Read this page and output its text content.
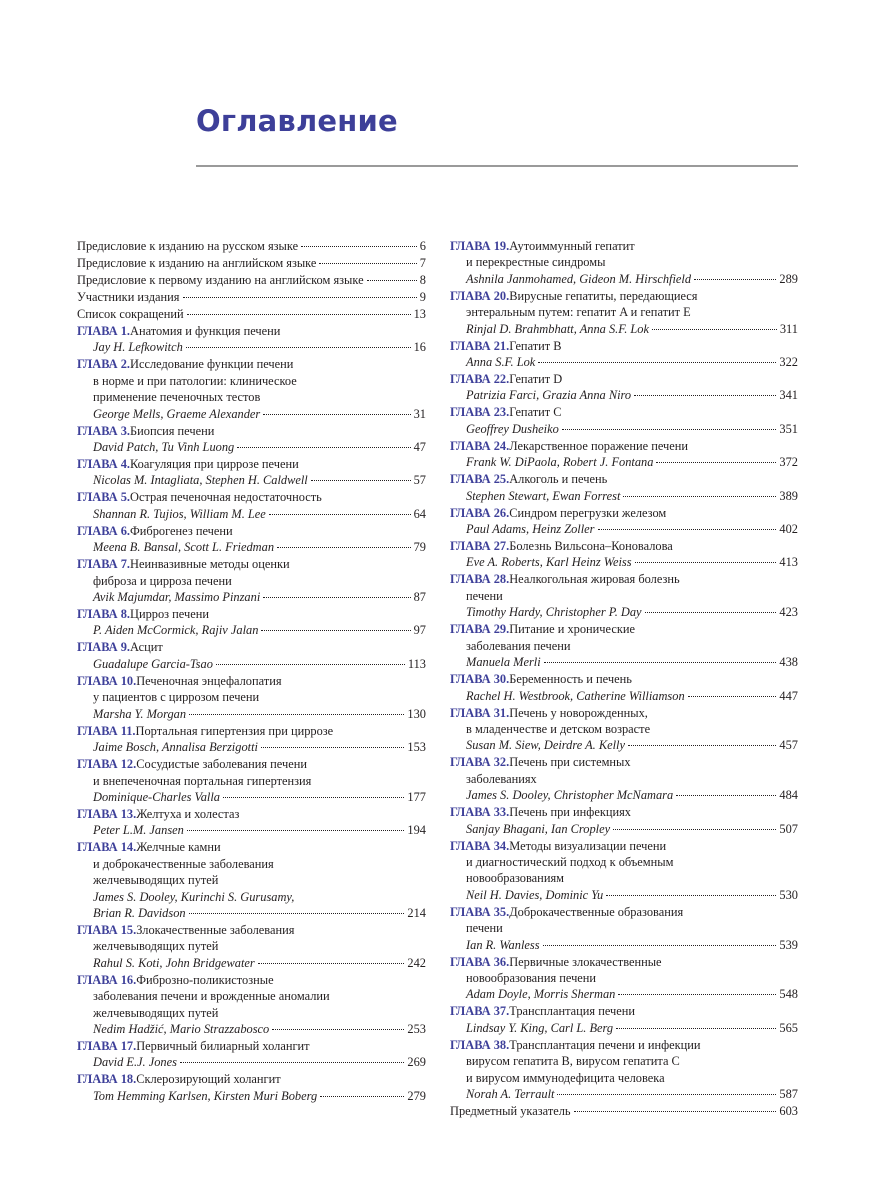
Оглавление
Предисловие к изданию на русском языке	6
Предисловие к изданию на английском языке	7
Предисловие к первому изданию на английском языке	8
Участники издания	9
Список сокращений	13
ГЛАВА 1. Анатомия и функция печени
Jay H. Lefkowitch	16
ГЛАВА 2. Исследование функции печени
в норме и при патологии: клиническое
применение печеночных тестов
George Mells, Graeme Alexander	31
ГЛАВА 3. Биопсия печени
David Patch, Tu Vinh Luong	47
ГЛАВА 4. Коагуляция при циррозе печени
Nicolas M. Intagliata, Stephen H. Caldwell	57
ГЛАВА 5. Острая печеночная недостаточность
Shannan R. Tujios, William M. Lee	64
ГЛАВА 6. Фиброгенез печени
Meena B. Bansal, Scott L. Friedman	79
ГЛАВА 7. Неинвазивные методы оценки
фиброза и цирроза печени
Avik Majumdar, Massimo Pinzani	87
ГЛАВА 8. Цирроз печени
P. Aiden McCormick, Rajiv Jalan	97
ГЛАВА 9. Асцит
Guadalupe Garcia-Tsao	113
ГЛАВА 10. Печеночная энцефалопатия
у пациентов с циррозом печени
Marsha Y. Morgan	130
ГЛАВА 11. Портальная гипертензия при циррозе
Jaime Bosch, Annalisa Berzigotti	153
ГЛАВА 12. Сосудистые заболевания печени
и внепеченочная портальная гипертензия
Dominique-Charles Valla	177
ГЛАВА 13. Желтуха и холестаз
Peter L.M. Jansen	194
ГЛАВА 14. Желчные камни
и доброкачественные заболевания
желчевыводящих путей
James S. Dooley, Kurinchi S. Gurusamy,
Brian R. Davidson	214
ГЛАВА 15. Злокачественные заболевания
желчевыводящих путей
Rahul S. Koti, John Bridgewater	242
ГЛАВА 16. Фиброзно-поликистозные
заболевания печени и врожденные аномалии
желчевыводящих путей
Nedim Hadžić, Mario Strazzabosco	253
ГЛАВА 17. Первичный билиарный холангит
David E.J. Jones	269
ГЛАВА 18. Склерозирующий холангит
Tom Hemming Karlsen, Kirsten Muri Boberg	279
ГЛАВА 19. Аутоиммунный гепатит
и перекрестные синдромы
Ashnila Janmohamed, Gideon M. Hirschfield	289
ГЛАВА 20. Вирусные гепатиты, передающиеся
энтеральным путем: гепатит A и гепатит E
Rinjal D. Brahmbhatt, Anna S.F. Lok	311
ГЛАВА 21. Гепатит B
Anna S.F. Lok	322
ГЛАВА 22. Гепатит D
Patrizia Farci, Grazia Anna Niro	341
ГЛАВА 23. Гепатит C
Geoffrey Dusheiko	351
ГЛАВА 24. Лекарственное поражение печени
Frank W. DiPaola, Robert J. Fontana	372
ГЛАВА 25. Алкоголь и печень
Stephen Stewart, Ewan Forrest	389
ГЛАВА 26. Синдром перегрузки железом
Paul Adams, Heinz Zoller	402
ГЛАВА 27. Болезнь Вильсона–Коновалова
Eve A. Roberts, Karl Heinz Weiss	413
ГЛАВА 28. Неалкогольная жировая болезнь
печени
Timothy Hardy, Christopher P. Day	423
ГЛАВА 29. Питание и хронические
заболевания печени
Manuela Merli	438
ГЛАВА 30. Беременность и печень
Rachel H. Westbrook, Catherine Williamson	447
ГЛАВА 31. Печень у новорожденных,
в младенчестве и детском возрасте
Susan M. Siew, Deirdre A. Kelly	457
ГЛАВА 32. Печень при системных
заболеваниях
James S. Dooley, Christopher McNamara	484
ГЛАВА 33. Печень при инфекциях
Sanjay Bhagani, Ian Cropley	507
ГЛАВА 34. Методы визуализации печени
и диагностический подход к объемным
новообразованиям
Neil H. Davies, Dominic Yu	530
ГЛАВА 35. Доброкачественные образования
печени
Ian R. Wanless	539
ГЛАВА 36. Первичные злокачественные
новообразования печени
Adam Doyle, Morris Sherman	548
ГЛАВА 37. Трансплантация печени
Lindsay Y. King, Carl L. Berg	565
ГЛАВА 38. Трансплантация печени и инфекции
вирусом гепатита B, вирусом гепатита C
и вирусом иммунодефицита человека
Norah A. Terrault	587
Предметный указатель	603
